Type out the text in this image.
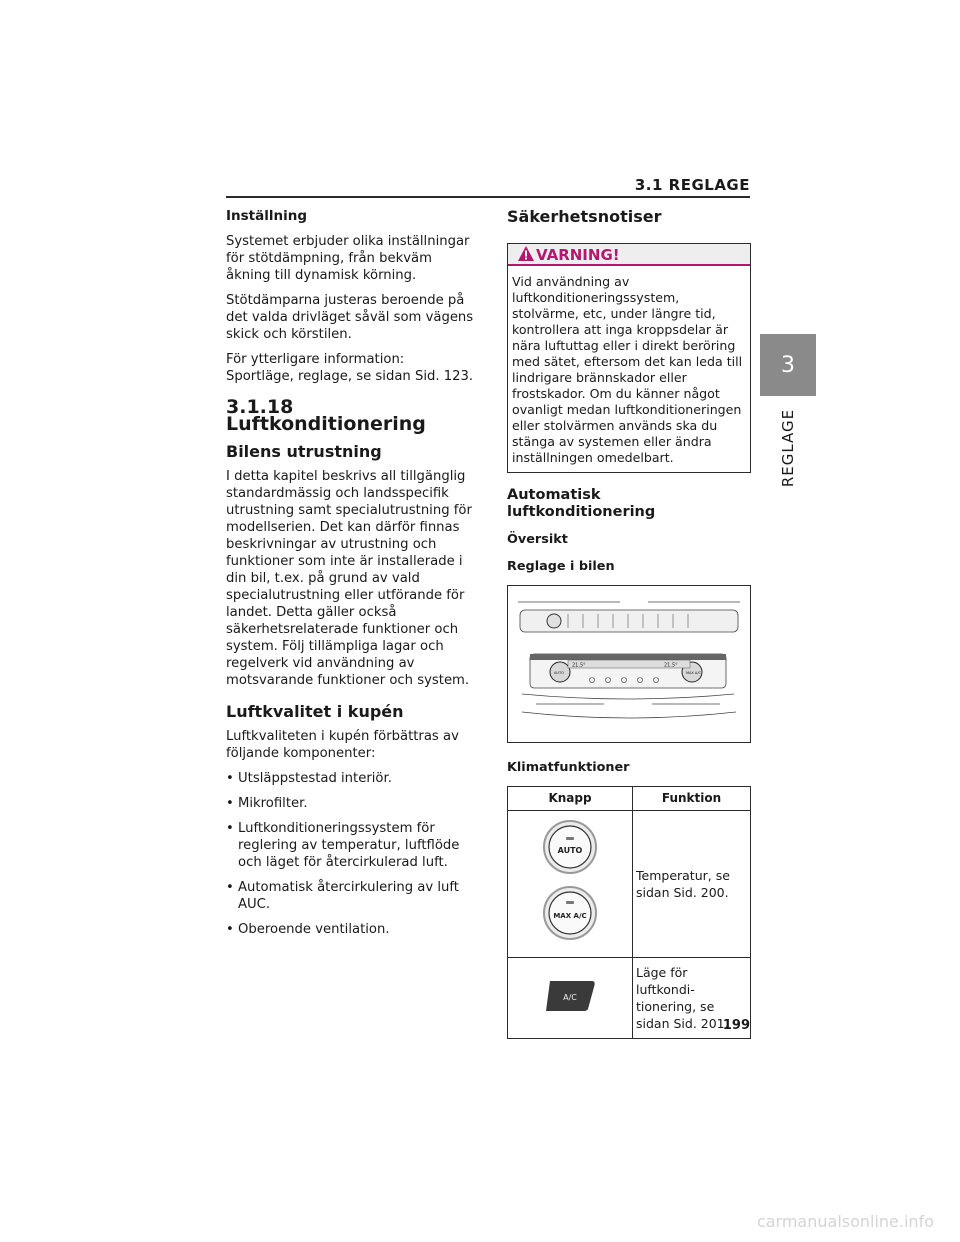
3.1 REGLAGE
3
REGLAGE
Inställning

Systemet erbjuder olika inställningar för stötdämpning, från bekväm åkning till dynamisk körning.

Stötdämparna justeras beroende på det valda drivläget såväl som vägens skick och körstilen.

För ytterligare information: Sportläge, reglage, se sidan Sid. 123.

3.1.18 Luftkonditionering
Bilens utrustning

I detta kapitel beskrivs all tillgänglig standardmässig och landsspecifik utrustning samt specialutrustning för modellserien. Det kan därför finnas beskrivningar av utrustning och funktioner som inte är installerade i din bil, t.ex. på grund av vald specialutrustning eller utförande för landet. Detta gäller också säkerhetsrelaterade funktioner och system. Följ tillämpliga lagar och regelverk vid användning av motsvarande funktioner och system.

Luftkvalitet i kupén

Luftkvaliteten i kupén förbättras av följande komponenter:

• Utsläppstestad interiör.
• Mikrofilter.
• Luftkonditioneringssystem för reglering av temperatur, luftflöde och läget för återcirkulerad luft.
• Automatisk återcirkulering av luft AUC.
• Oberoende ventilation.
Säkerhetsnotiser
VARNING!
Vid användning av luftkonditioneringssystem, stolvärme, etc, under längre tid, kontrollera att inga kroppsdelar är nära luftuttag eller i direkt beröring med sätet, eftersom det kan leda till lindrigare brännskador eller frostskador. Om du känner något ovanligt medan luftkonditioneringen eller stolvärmen används ska du stänga av systemen eller ändra inställningen omedelbart.
Automatisk luftkonditionering
Översikt
Reglage i bilen
21.5°	21.5°
AUTO	MAX A/C
Klimatfunktioner
Knapp	Funktion

AUTO
MAX A/C	Temperatur, se sidan Sid. 200.

A/C	Läge för luftkondi- tionering, se sidan Sid. 201.
199
carmanualsonline.info
